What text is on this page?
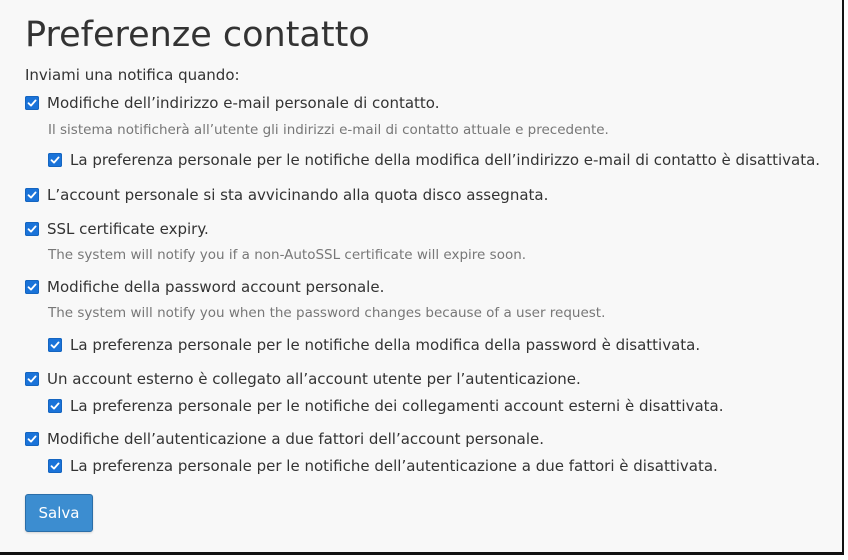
Preferenze contatto
Inviami una notifica quando:
Modifiche dell’indirizzo e-mail personale di contatto.
Il sistema notificherà all’utente gli indirizzi e-mail di contatto attuale e precedente.
La preferenza personale per le notifiche della modifica dell’indirizzo e-mail di contatto è disattivata.
L’account personale si sta avvicinando alla quota disco assegnata.
SSL certificate expiry.
The system will notify you if a non-AutoSSL certificate will expire soon.
Modifiche della password account personale.
The system will notify you when the password changes because of a user request.
La preferenza personale per le notifiche della modifica della password è disattivata.
Un account esterno è collegato all’account utente per l’autenticazione.
La preferenza personale per le notifiche dei collegamenti account esterni è disattivata.
Modifiche dell’autenticazione a due fattori dell’account personale.
La preferenza personale per le notifiche dell’autenticazione a due fattori è disattivata.
Salva
